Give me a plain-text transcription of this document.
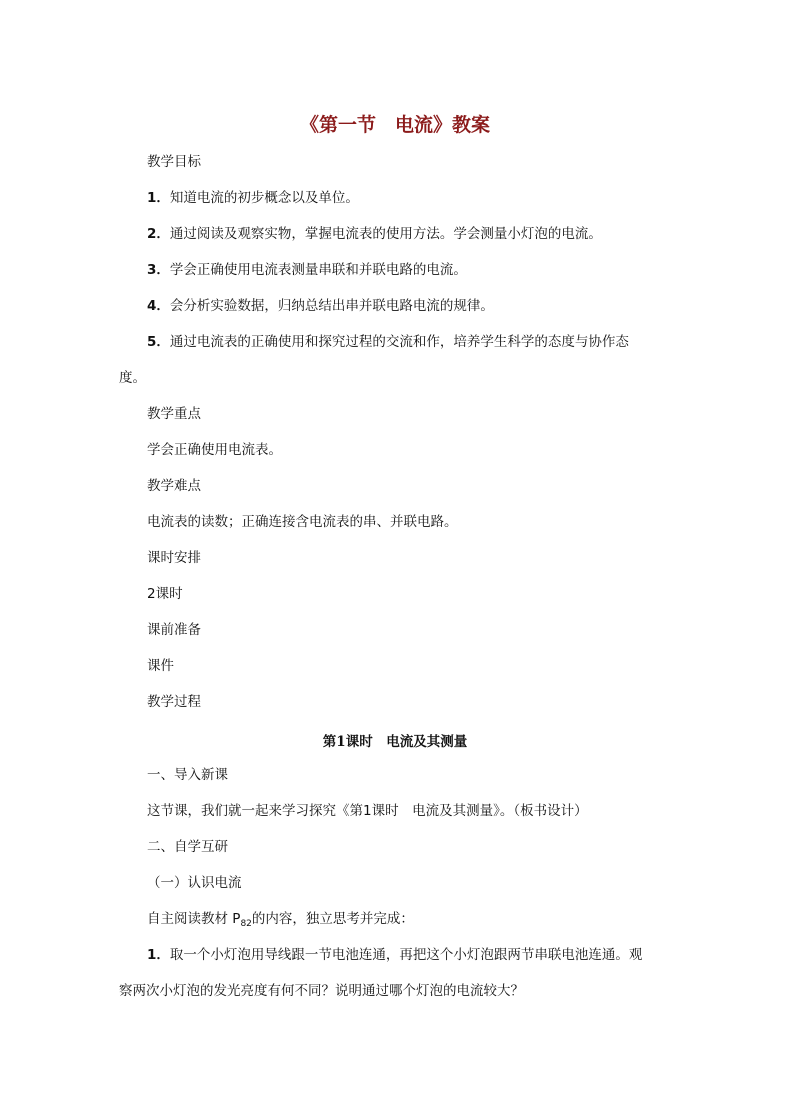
《第一节　电流》教案
教学目标
1．知道电流的初步概念以及单位。
2．通过阅读及观察实物，掌握电流表的使用方法。学会测量小灯泡的电流。
3．学会正确使用电流表测量串联和并联电路的电流。
4．会分析实验数据，归纳总结出串并联电路电流的规律。
5．通过电流表的正确使用和探究过程的交流和作，培养学生科学的态度与协作态
度。
教学重点
学会正确使用电流表。
教学难点
电流表的读数；正确连接含电流表的串、并联电路。
课时安排
2课时
课前准备
课件
教学过程
第1课时　电流及其测量
一、导入新课
这节课，我们就一起来学习探究《第1课时　电流及其测量》。（板书设计）
二、自学互研
（一）认识电流
自主阅读教材 $P_{82}$的内容，独立思考并完成：
1．取一个小灯泡用导线跟一节电池连通，再把这个小灯泡跟两节串联电池连通。观
察两次小灯泡的发光亮度有何不同？说明通过哪个灯泡的电流较大？
